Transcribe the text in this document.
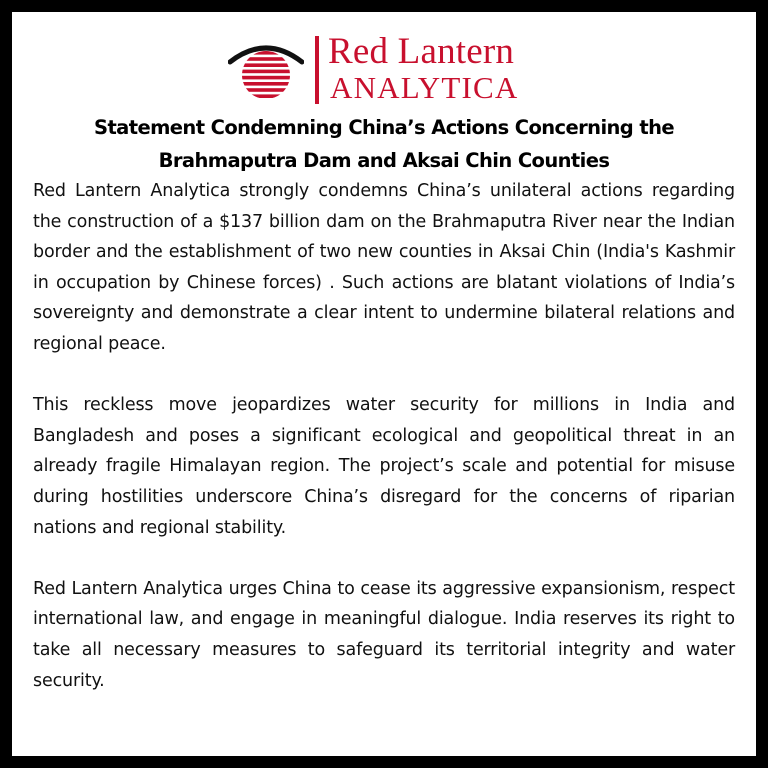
Red Lantern
ANALYTICA
Statement Condemning China’s Actions Concerning the
Brahmaputra Dam and Aksai Chin Counties

Red Lantern Analytica strongly condemns China’s unilateral actions regarding the construction of a $137 billion dam on the Brahmaputra River near the Indian border and the establishment of two new counties in Aksai Chin (India's Kashmir in occupation by Chinese forces) . Such actions are blatant violations of India’s sovereignty and demonstrate a clear intent to undermine bilateral relations and regional peace.

This reckless move jeopardizes water security for millions in India and Bangladesh and poses a significant ecological and geopolitical threat in an already fragile Himalayan region. The project’s scale and potential for misuse during hostilities underscore China’s disregard for the concerns of riparian nations and regional stability.

Red Lantern Analytica urges China to cease its aggressive expansionism, respect international law, and engage in meaningful dialogue. India reserves its right to take all necessary measures to safeguard its territorial integrity and water security.
